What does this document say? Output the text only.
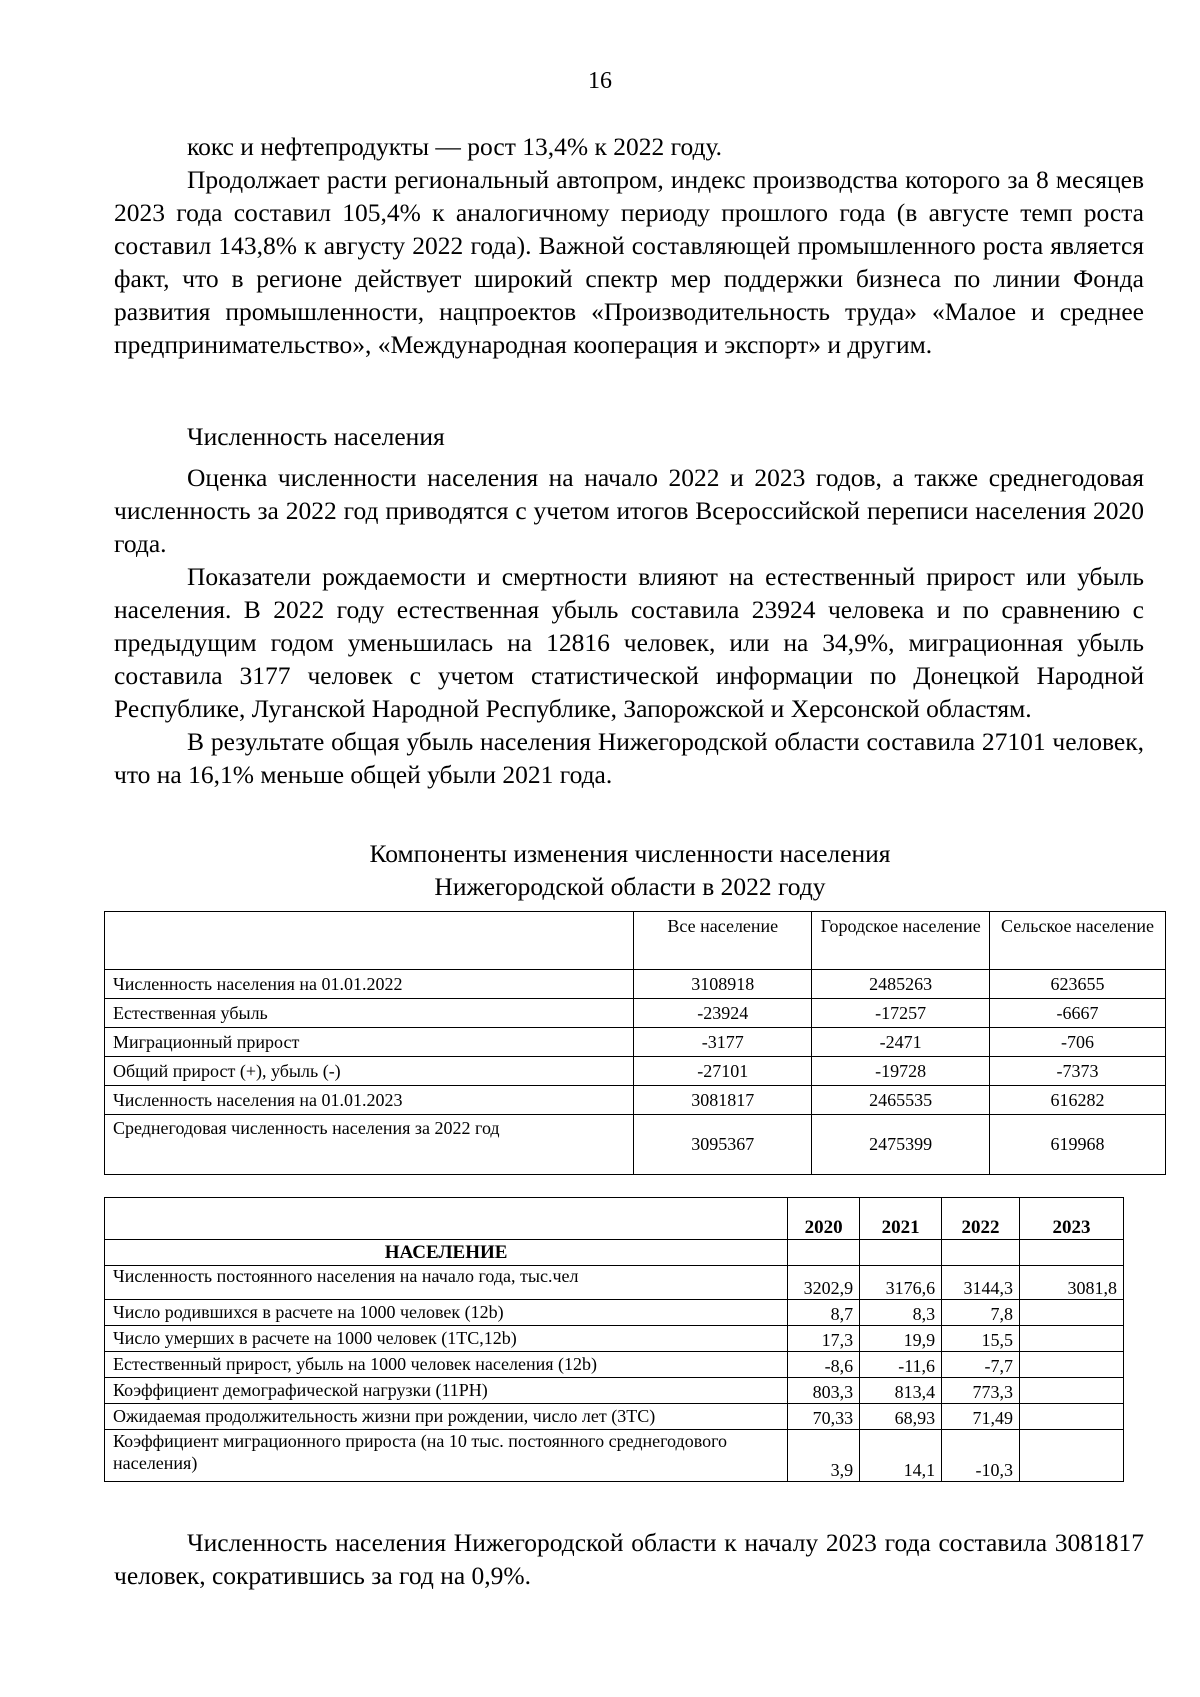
16

кокс и нефтепродукты — рост 13,4% к 2022 году.

Продолжает расти региональный автопром, индекс производства которого за 8 месяцев 2023 года составил 105,4% к аналогичному периоду прошлого года (в августе темп роста составил 143,8% к августу 2022 года). Важной составляющей промышленного роста является факт, что в регионе действует широкий спектр мер поддержки бизнеса по линии Фонда развития промышленности, нацпроектов «Производительность труда» «Малое и среднее предпринимательство», «Международная кооперация и экспорт» и другим.

Численность населения

Оценка численности населения на начало 2022 и 2023 годов, а также среднегодовая численность за 2022 год приводятся с учетом итогов Всероссийской переписи населения 2020 года.

Показатели рождаемости и смертности влияют на естественный прирост или убыль населения. В 2022 году естественная убыль составила 23924 человека и по сравнению с предыдущим годом уменьшилась на 12816 человек, или на 34,9%, миграционная убыль составила 3177 человек с учетом статистической информации по Донецкой Народной Республике, Луганской Народной Республике, Запорожской и Херсонской областям.

В результате общая убыль населения Нижегородской области составила 27101 человек, что на 16,1% меньше общей убыли 2021 года.

Компоненты изменения численности населения
Нижегородской области в 2022 году
	Все население	Городское население	Сельское население
Численность населения на 01.01.2022	3108918	2485263	623655
Естественная убыль	-23924	-17257	-6667
Миграционный прирост	-3177	-2471	-706
Общий прирост (+), убыль (-)	-27101	-19728	-7373
Численность населения на 01.01.2023	3081817	2465535	616282
Среднегодовая численность населения за 2022 год	3095367	2475399	619968
	2020	2021	2022	2023
НАСЕЛЕНИЕ				
Численность постоянного населения на начало года, тыс.чел	3202,9	3176,6	3144,3	3081,8
Число родившихся в расчете на 1000 человек (12b)	8,7	8,3	7,8	
Число умерших в расчете на 1000 человек (1ТС,12b)	17,3	19,9	15,5	
Естественный прирост, убыль на 1000 человек населения (12b)	-8,6	-11,6	-7,7	
Коэффициент демографической нагрузки (11РН)	803,3	813,4	773,3	
Ожидаемая продолжительность жизни при рождении, число лет (3ТС)	70,33	68,93	71,49	
Коэффициент миграционного прироста (на 10 тыс. постоянного среднегодового населения)	3,9	14,1	-10,3	

Численность населения Нижегородской области к началу 2023 года составила 3081817 человек, сократившись за год на 0,9%.
